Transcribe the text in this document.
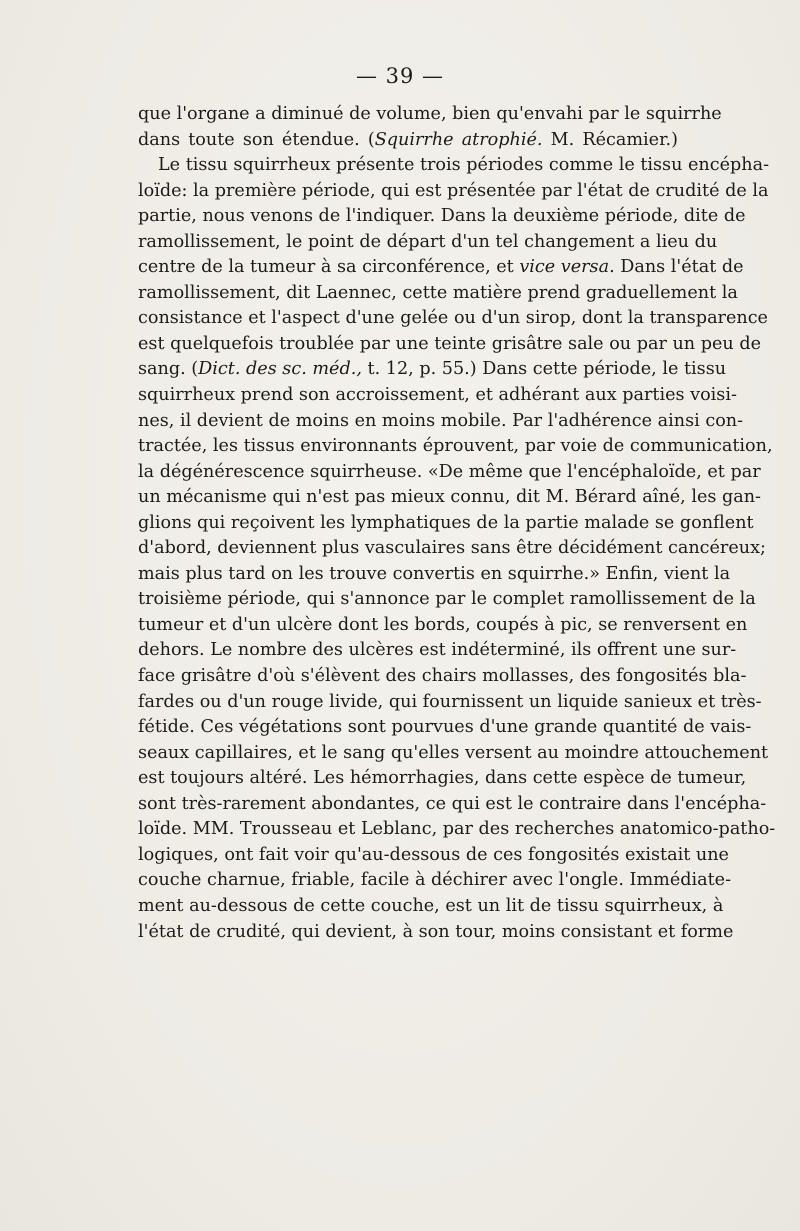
— 39 —
que l'organe a diminué de volume, bien qu'envahi par le squirrhe
dans toute son étendue. (Squirrhe atrophié. M. Récamier.)
Le tissu squirrheux présente trois périodes comme le tissu encépha-
loïde: la première période, qui est présentée par l'état de crudité de la
partie, nous venons de l'indiquer. Dans la deuxième période, dite de
ramollissement, le point de départ d'un tel changement a lieu du
centre de la tumeur à sa circonférence, et vice versa. Dans l'état de
ramollissement, dit Laennec, cette matière prend graduellement la
consistance et l'aspect d'une gelée ou d'un sirop, dont la transparence
est quelquefois troublée par une teinte grisâtre sale ou par un peu de
sang. (Dict. des sc. méd., t. 12, p. 55.) Dans cette période, le tissu
squirrheux prend son accroissement, et adhérant aux parties voisi-
nes, il devient de moins en moins mobile. Par l'adhérence ainsi con-
tractée, les tissus environnants éprouvent, par voie de communication,
la dégénérescence squirrheuse. «De même que l'encéphaloïde, et par
un mécanisme qui n'est pas mieux connu, dit M. Bérard aîné, les gan-
glions qui reçoivent les lymphatiques de la partie malade se gonflent
d'abord, deviennent plus vasculaires sans être décidément cancéreux;
mais plus tard on les trouve convertis en squirrhe.» Enfin, vient la
troisième période, qui s'annonce par le complet ramollissement de la
tumeur et d'un ulcère dont les bords, coupés à pic, se renversent en
dehors. Le nombre des ulcères est indéterminé, ils offrent une sur-
face grisâtre d'où s'élèvent des chairs mollasses, des fongosités bla-
fardes ou d'un rouge livide, qui fournissent un liquide sanieux et très-
fétide. Ces végétations sont pourvues d'une grande quantité de vais-
seaux capillaires, et le sang qu'elles versent au moindre attouchement
est toujours altéré. Les hémorrhagies, dans cette espèce de tumeur,
sont très-rarement abondantes, ce qui est le contraire dans l'encépha-
loïde. MM. Trousseau et Leblanc, par des recherches anatomico-patho-
logiques, ont fait voir qu'au-dessous de ces fongosités existait une
couche charnue, friable, facile à déchirer avec l'ongle. Immédiate-
ment au-dessous de cette couche, est un lit de tissu squirrheux, à
l'état de crudité, qui devient, à son tour, moins consistant et forme
